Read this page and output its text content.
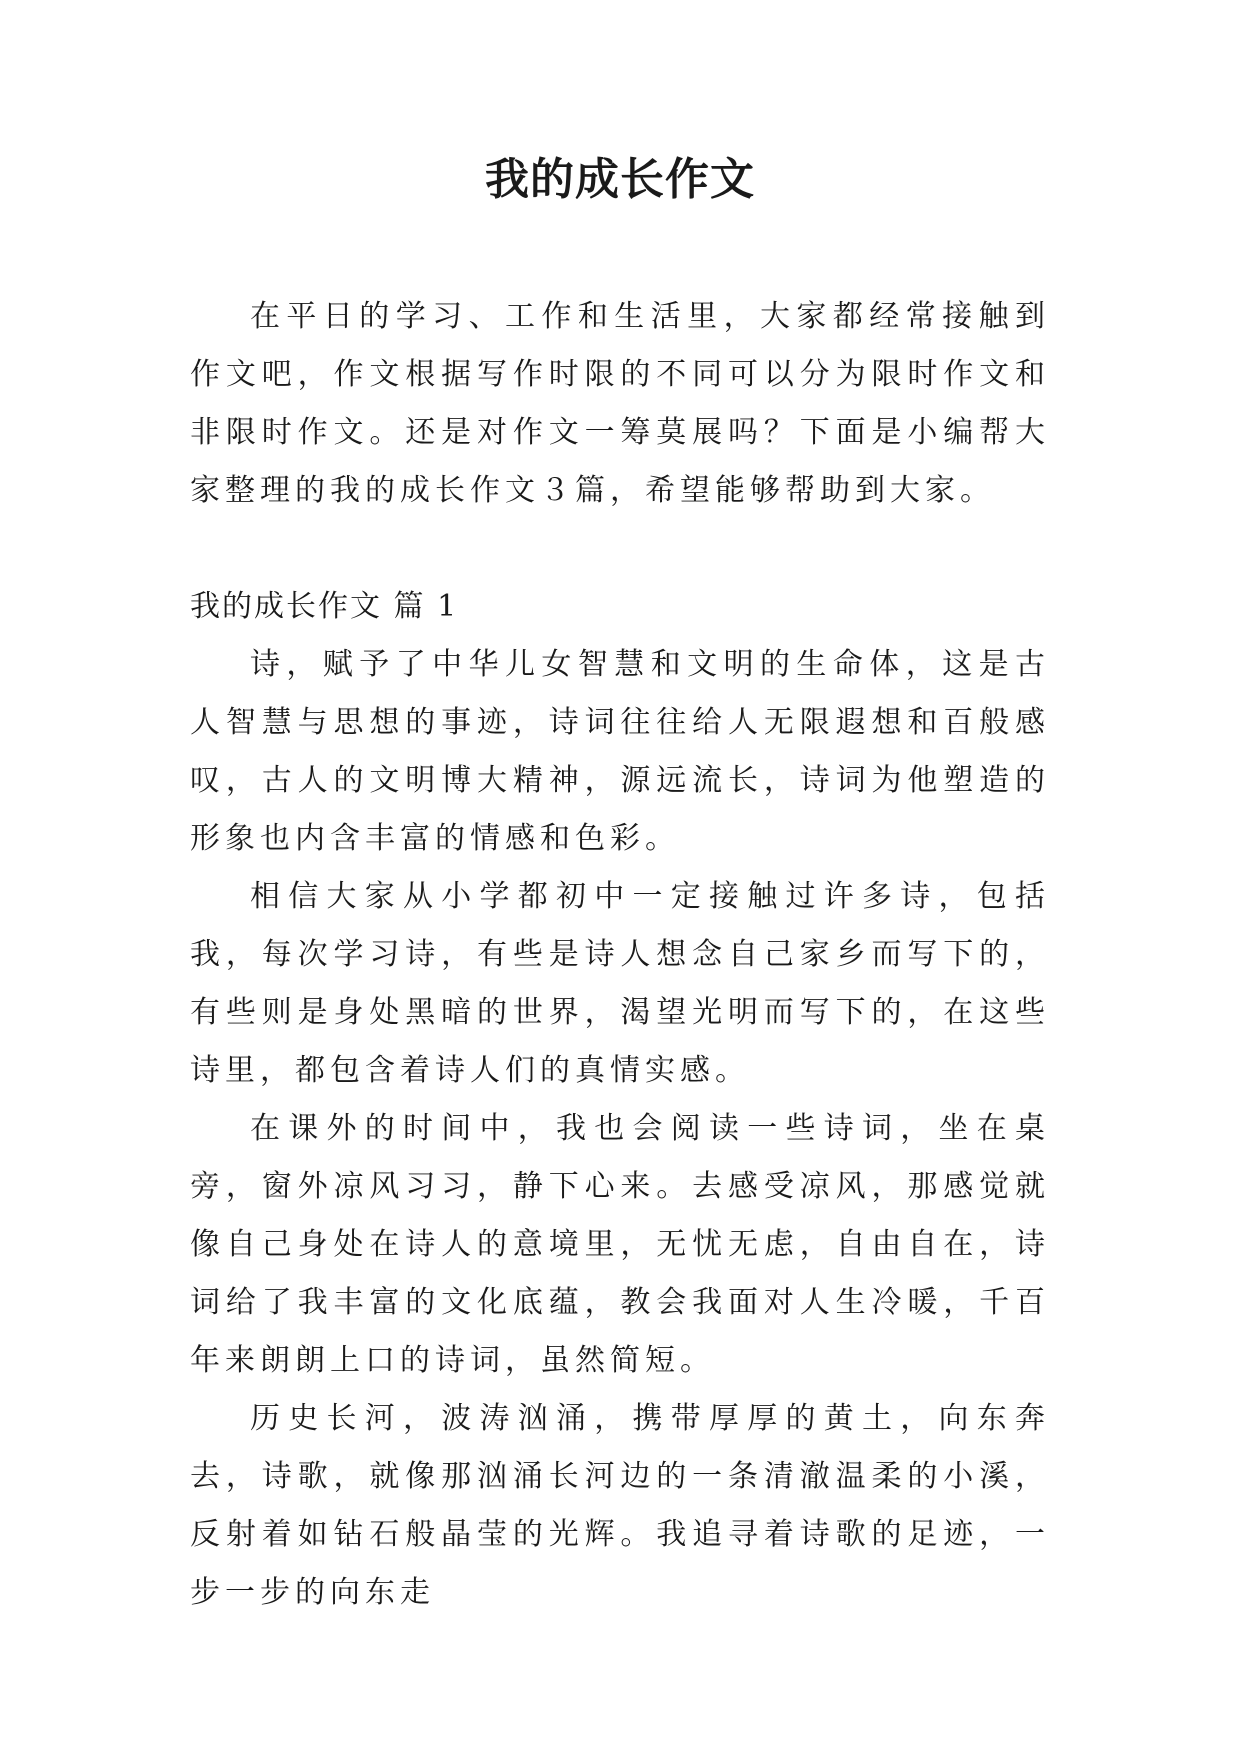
我的成长作文

在平日的学习、工作和生活里，大家都经常接触到作文吧，作文根据写作时限的不同可以分为限时作文和非限时作文。还是对作文一筹莫展吗？下面是小编帮大家整理的我的成长作文３篇，希望能够帮助到大家。

我的成长作文 篇 1

诗，赋予了中华儿女智慧和文明的生命体，这是古人智慧与思想的事迹，诗词往往给人无限遐想和百般感叹，古人的文明博大精神，源远流长，诗词为他塑造的形象也内含丰富的情感和色彩。

相信大家从小学都初中一定接触过许多诗，包括我，每次学习诗，有些是诗人想念自己家乡而写下的，有些则是身处黑暗的世界，渴望光明而写下的，在这些诗里，都包含着诗人们的真情实感。

在课外的时间中，我也会阅读一些诗词，坐在桌旁，窗外凉风习习，静下心来。去感受凉风，那感觉就像自己身处在诗人的意境里，无忧无虑，自由自在，诗词给了我丰富的文化底蕴，教会我面对人生冷暖，千百年来朗朗上口的诗词，虽然简短。

历史长河，波涛汹涌，携带厚厚的黄土，向东奔去，诗歌，就像那汹涌长河边的一条清澈温柔的小溪，反射着如钻石般晶莹的光辉。我追寻着诗歌的足迹，一步一步的向东走
